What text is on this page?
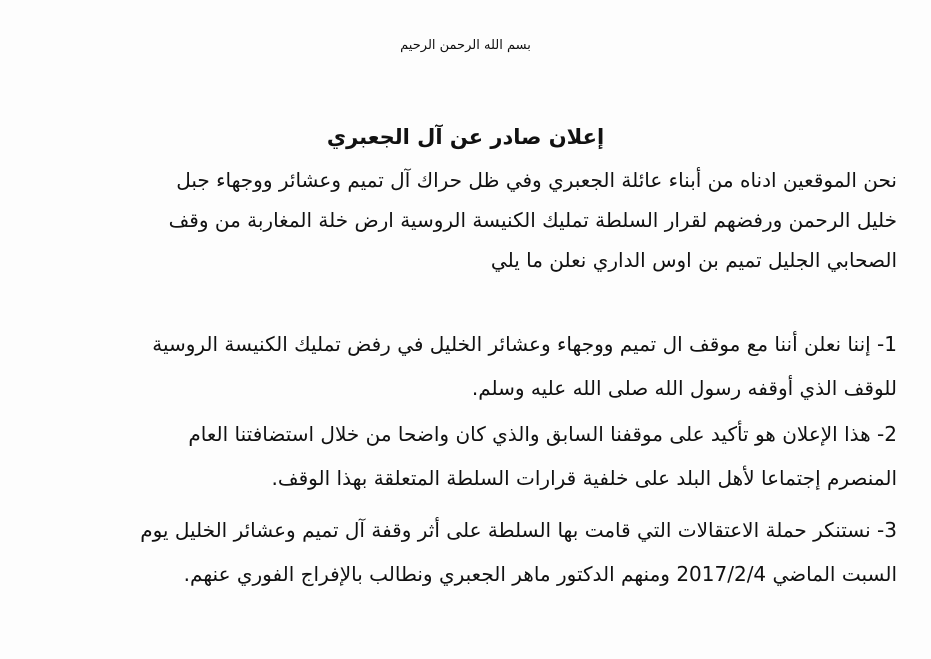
بسم الله الرحمن الرحيم
إعلان صادر عن آل الجعبري

نحن الموقعين ادناه من أبناء عائلة الجعبري وفي ظل حراك آل تميم وعشائر ووجهاء جبل

خليل الرحمن ورفضهم لقرار السلطة تمليك الكنيسة الروسية ارض خلة المغاربة من وقف

الصحابي الجليل تميم بن اوس الداري نعلن ما يلي

1- إننا نعلن أننا مع موقف ال تميم ووجهاء وعشائر الخليل في رفض تمليك الكنيسة الروسية

للوقف الذي أوقفه رسول الله صلى الله عليه وسلم.

2- هذا الإعلان هو تأكيد على موقفنا السابق والذي كان واضحا من خلال استضافتنا العام

المنصرم إجتماعا لأهل البلد على خلفية قرارات السلطة المتعلقة بهذا الوقف.

3- نستنكر حملة الاعتقالات التي قامت بها السلطة على أثر وقفة آل تميم وعشائر الخليل يوم

السبت الماضي 2017/2/4 ومنهم الدكتور ماهر الجعبري ونطالب بالإفراج الفوري عنهم.
